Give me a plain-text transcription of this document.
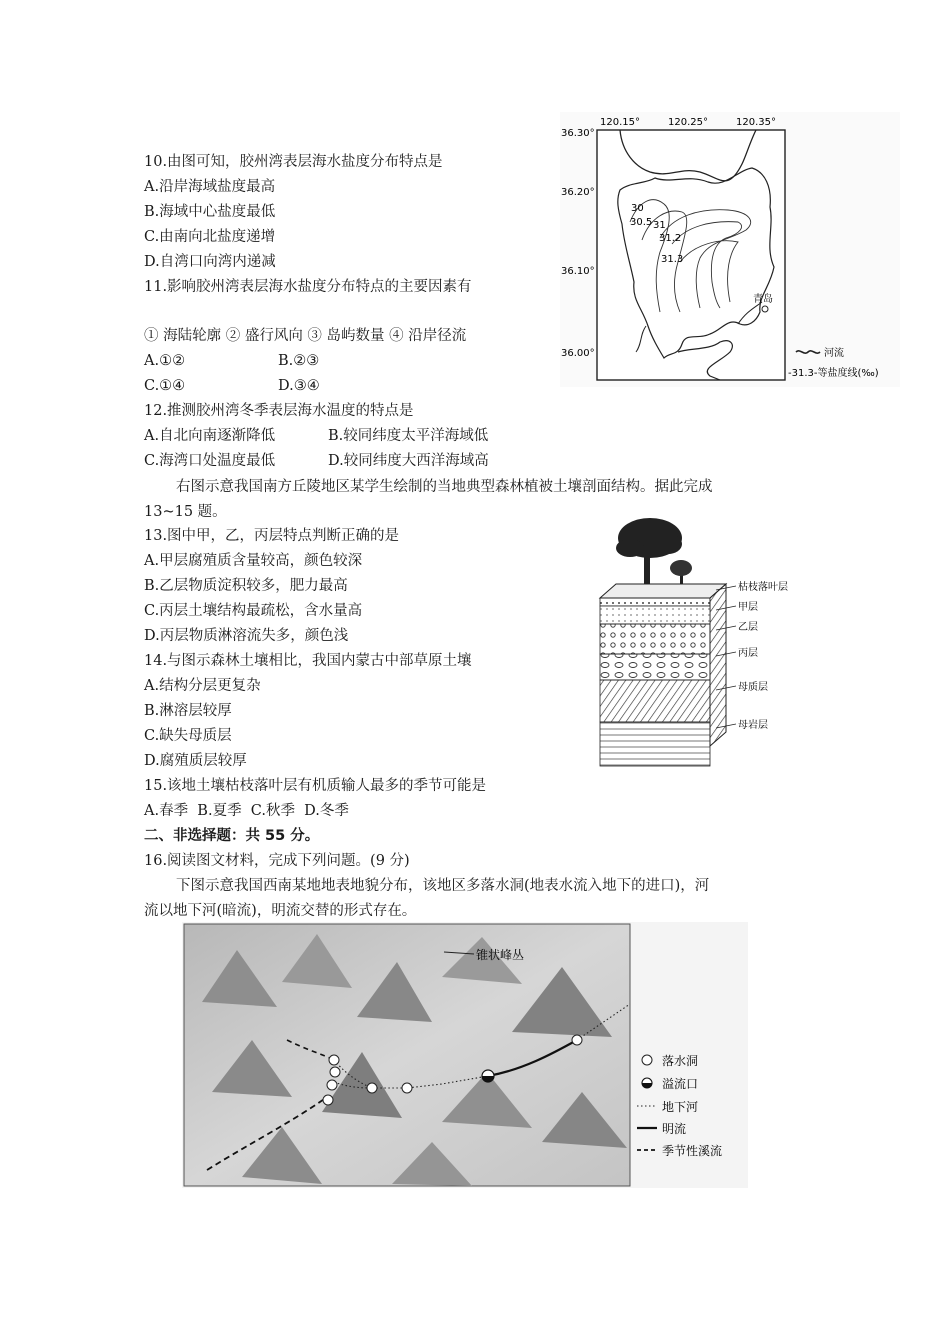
10.由图可知，胶州湾表层海水盐度分布特点是
A.沿岸海域盐度最高
B.海域中心盐度最低
C.由南向北盐度递增
D.自湾口向湾内递减
11.影响胶州湾表层海水盐度分布特点的主要因素有
① 海陆轮廓 ② 盛行风向 ③ 岛屿数量 ④ 沿岸径流
A.①②	B.②③
C.①④	D.③④
12.推测胶州湾冬季表层海水温度的特点是
A.自北向南逐渐降低	B.较同纬度太平洋海域低
C.海湾口处温度最低	D.较同纬度大西洋海域高
右图示意我国南方丘陵地区某学生绘制的当地典型森林植被土壤剖面结构。据此完成
13~15 题。
13.图中甲，乙，丙层特点判断正确的是
A.甲层腐殖质含量较高，颜色较深
B.乙层物质淀积较多，肥力最高
C.丙层土壤结构最疏松，含水量高
D.丙层物质淋溶流失多，颜色浅
14.与图示森林土壤相比，我国内蒙古中部草原土壤
A.结构分层更复杂
B.淋溶层较厚
C.缺失母质层
D.腐殖质层较厚
15.该地土壤枯枝落叶层有机质输人最多的季节可能是
A.春季  B.夏季  C.秋季  D.冬季
二、非选择题：共 55 分。
16.阅读图文材料，完成下列问题。(9 分)
下图示意我国西南某地地表地貌分布，该地区多落水洞(地表水流入地下的进口)，河
流以地下河(暗流)，明流交替的形式存在。
120.15°	120.25°	120.35°
36.30°
36.20°
36.10°
36.00°
30
30.5 31
31.2
31.3
青岛
河流
-31.3-等盐度线(‰)
枯枝落叶层
甲层
乙层
丙层
母质层
母岩层
锥状峰丛
落水洞
溢流口
地下河
明流
季节性溪流
